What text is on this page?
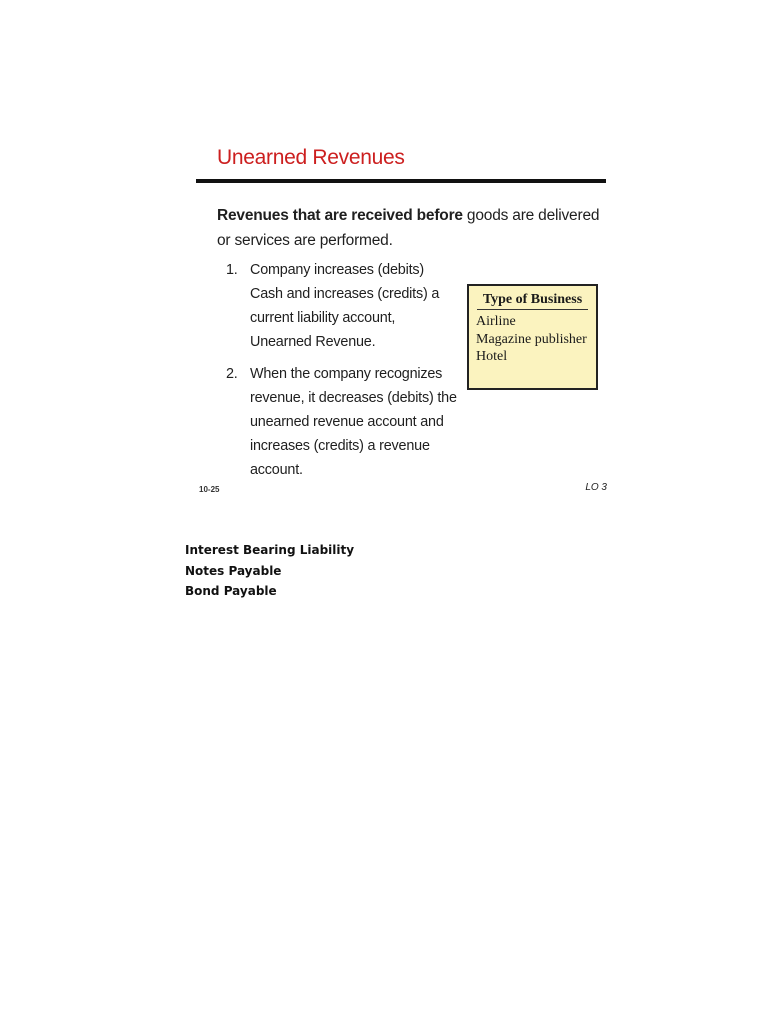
Unearned Revenues

Revenues that are received before goods are delivered or services are performed.

1. Company increases (debits) Cash and increases (credits) a current liability account, Unearned Revenue.
2. When the company recognizes revenue, it decreases (debits) the unearned revenue account and increases (credits) a revenue account.
Type of Business
Airline
Magazine publisher
Hotel
10-25	LO 3
Interest Bearing Liability
Notes Payable
Bond Payable
